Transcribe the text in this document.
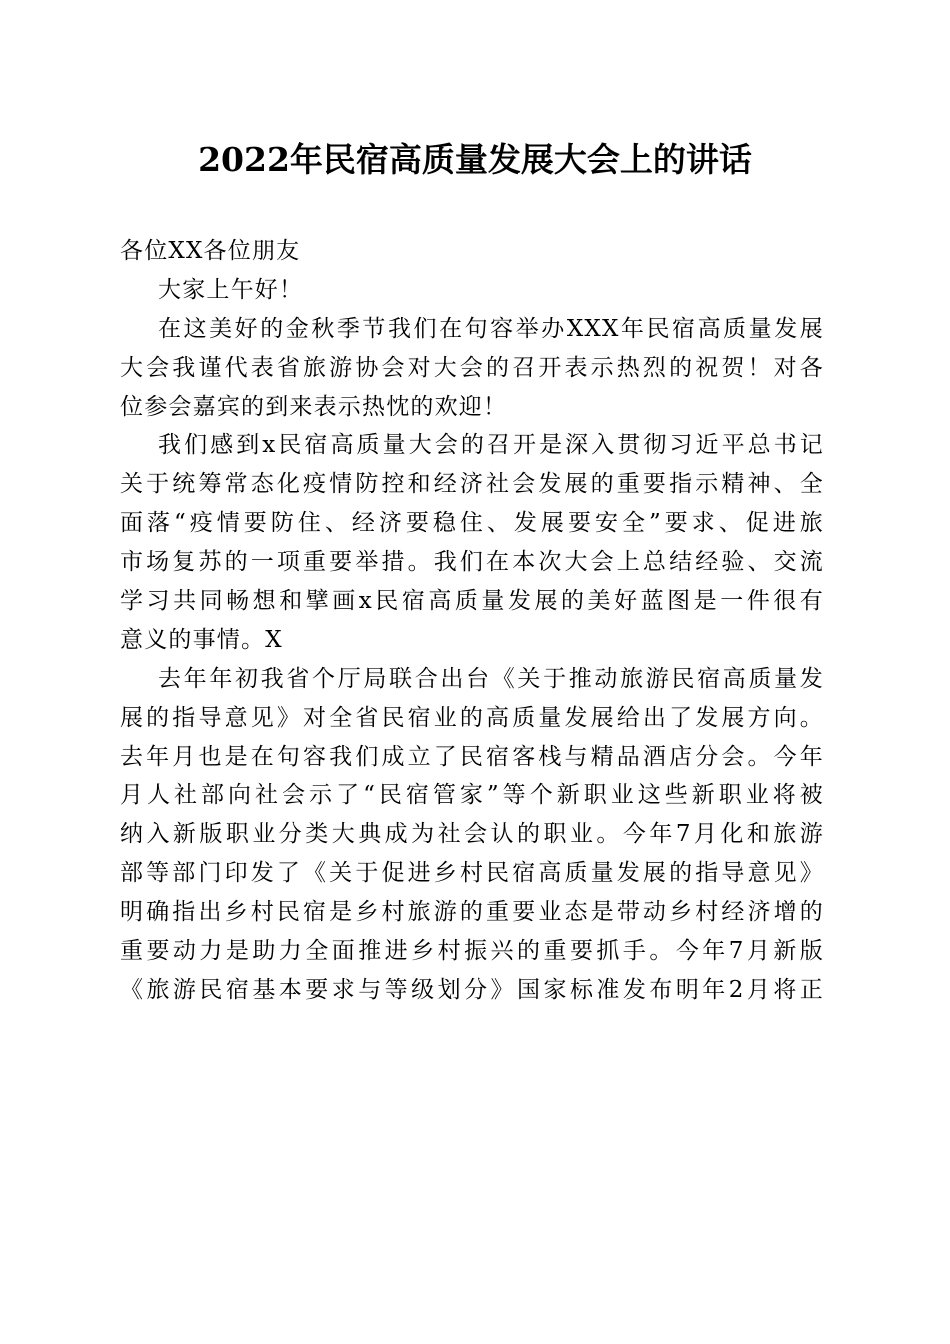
2022年民宿高质量发展大会上的讲话
各位XX各位朋友
大家上午好！
在这美好的金秋季节我们在句容举办XXX年民宿高质量发展
大会我谨代表省旅游协会对大会的召开表示热烈的祝贺！对各
位参会嘉宾的到来表示热忱的欢迎！
我们感到x民宿高质量大会的召开是深入贯彻习近平总书记
关于统筹常态化疫情防控和经济社会发展的重要指示精神、全
面落“疫情要防住、经济要稳住、发展要安全”要求、促进旅
市场复苏的一项重要举措。我们在本次大会上总结经验、交流
学习共同畅想和擘画x民宿高质量发展的美好蓝图是一件很有
意义的事情。X
去年年初我省个厅局联合出台《关于推动旅游民宿高质量发
展的指导意见》对全省民宿业的高质量发展给出了发展方向。
去年月也是在句容我们成立了民宿客栈与精品酒店分会。今年
月人社部向社会示了“民宿管家”等个新职业这些新职业将被
纳入新版职业分类大典成为社会认的职业。今年7月化和旅游
部等部门印发了《关于促进乡村民宿高质量发展的指导意见》
明确指出乡村民宿是乡村旅游的重要业态是带动乡村经济增的
重要动力是助力全面推进乡村振兴的重要抓手。今年7月新版
《旅游民宿基本要求与等级划分》国家标准发布明年2月将正
